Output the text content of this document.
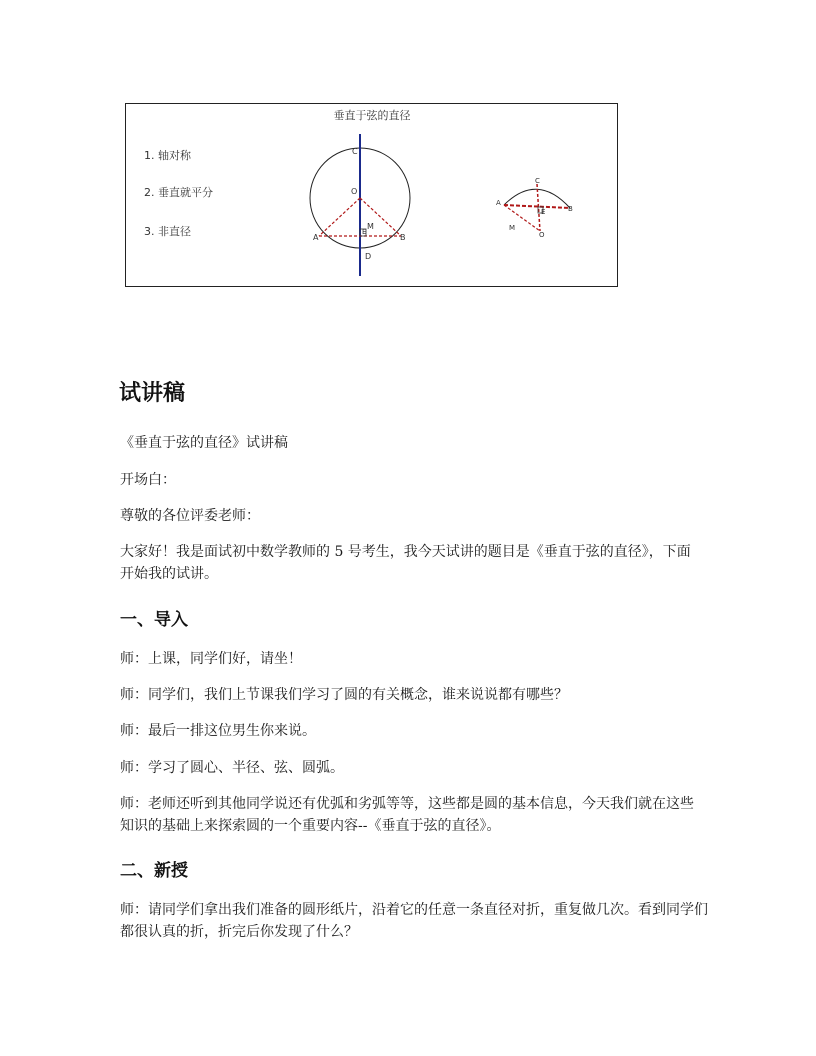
垂直于弦的直径
1. 轴对称
2. 垂直就平分
3. 非直径
C
O
M
E
A	B
D
C
A
B
M
E
O
试讲稿

《垂直于弦的直径》试讲稿

开场白：

尊敬的各位评委老师：

大家好！我是面试初中数学教师的 5 号考生，我今天试讲的题目是《垂直于弦的直径》，下面开始我的试讲。

一、导入

师：上课，同学们好，请坐！

师：同学们，我们上节课我们学习了圆的有关概念，谁来说说都有哪些？

师：最后一排这位男生你来说。

师：学习了圆心、半径、弦、圆弧。

师：老师还听到其他同学说还有优弧和劣弧等等，这些都是圆的基本信息，今天我们就在这些知识的基础上来探索圆的一个重要内容--《垂直于弦的直径》。

二、新授

师：请同学们拿出我们准备的圆形纸片，沿着它的任意一条直径对折，重复做几次。看到同学们都很认真的折，折完后你发现了什么？
